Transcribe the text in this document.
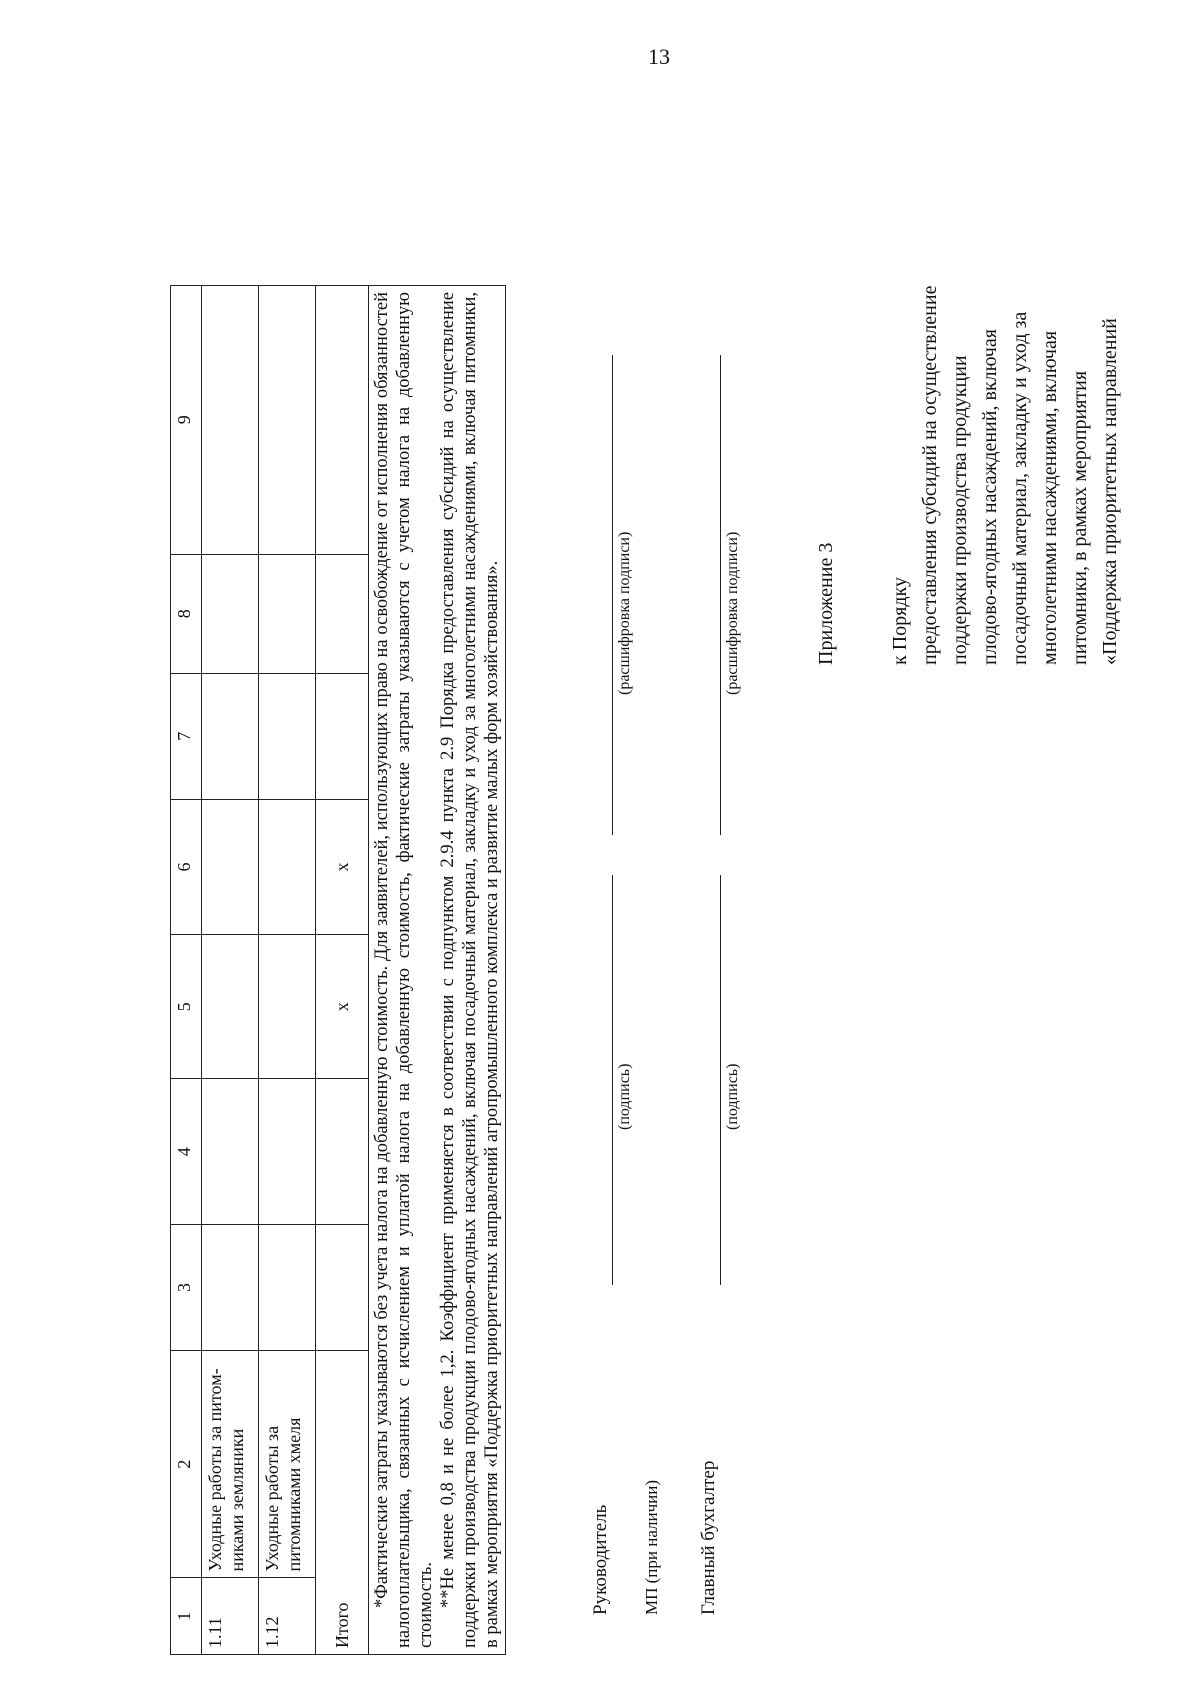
13
1	2	3	4	5	6	7	8	9
1.11	Уходные работы за питом-никами земляники							
1.12	Уходные работы за питомниками хмеля							
Итого				x	x			

*Фактические затраты указываются без учета налога на добавленную стоимость. Для заявителей, использующих право на освобождение от исполнения обязанностей налогоплательщика, связанных с исчислением и уплатой налога на добавленную стоимость, фактические затраты указываются с учетом налога на добавленную стоимость. **Не менее 0,8 и не более 1,2. Коэффициент применяется в соответствии с подпунктом 2.9.4 пункта 2.9 Порядка предоставления субсидий на осуществление поддержки производства продукции плодово-ягодных насаждений, включая посадочный материал, закладку и уход за многолетними насаждениями, включая питомники, в рамках мероприятия «Поддержка приоритетных направлений агропромышленного комплекса и развитие малых форм хозяйствования».									Руководитель
(подпись)
(расшифровка подписи)
МП (при наличии) Главный бухгалтер
(подпись)
(расшифровка подписи)	Приложение 3	к Порядку предоставления субсидий на осуществление поддержки производства продукции плодово-ягодных насаждений, включая посадочный материал, закладку и уход за многолетними насаждениями, включая питомники, в рамках мероприятия «Поддержка приоритетных направлений
